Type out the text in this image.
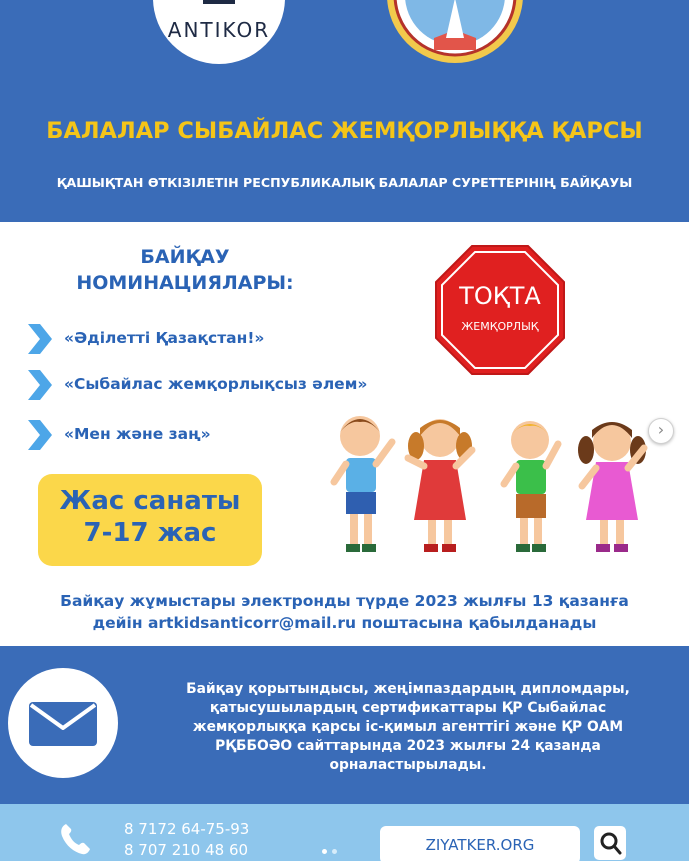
ANTIKOR
БАЛАЛАР СЫБАЙЛАС ЖЕМҚОРЛЫҚҚА ҚАРСЫ
ҚАШЫҚТАН ӨТКІЗІЛЕТІН РЕСПУБЛИКАЛЫҚ БАЛАЛАР СУРЕТТЕРІНІҢ БАЙҚАУЫ
БАЙҚАУ
НОМИНАЦИЯЛАРЫ:
«Әділетті Қазақстан!»
«Сыбайлас жемқорлықсыз әлем»
«Мен және заң»
ТОҚТА
ЖЕМҚОРЛЫҚ
›
Жас санаты
7-17 жас
Байқау жұмыстары электронды түрде 2023 жылғы 13 қазанға
дейін artkidsanticorr@mail.ru поштасына қабылданады
Байқау қорытындысы, жеңімпаздардың дипломдары,
қатысушылардың сертификаттары ҚР Сыбайлас
жемқорлыққа қарсы іс-қимыл агенттігі және ҚР ОАМ
РҚББОӘО сайттарында 2023 жылғы 24 қазанда
орналастырылады.
8 7172 64-75-93
8 707 210 48 60	ZIYATKER.ORG
